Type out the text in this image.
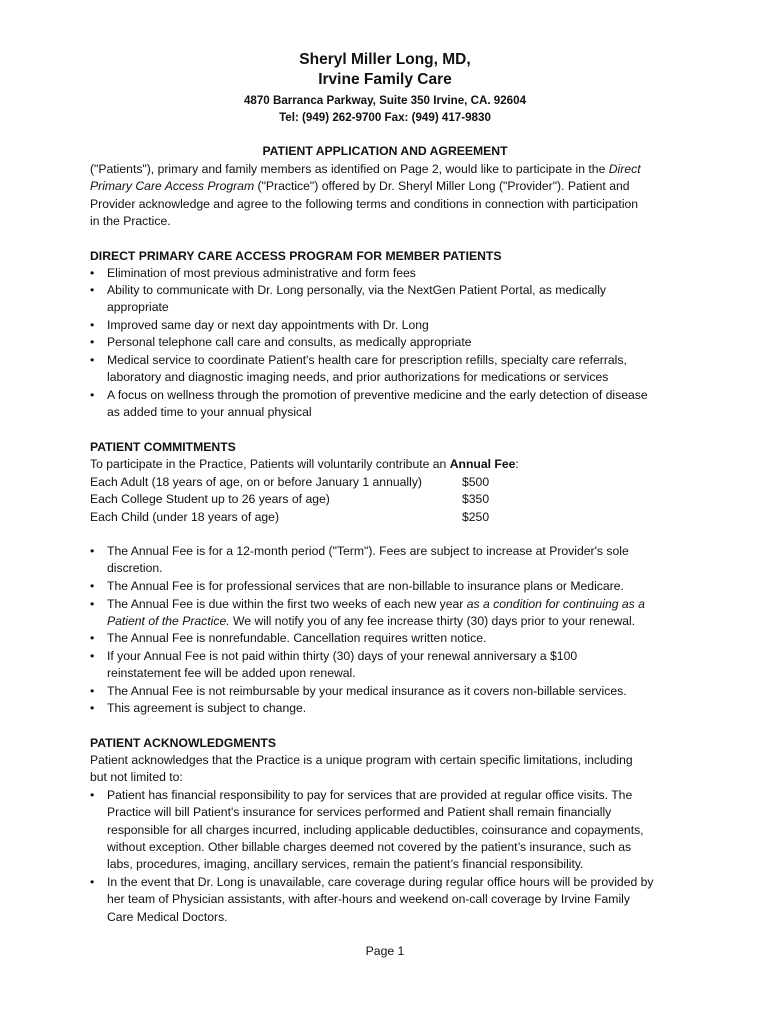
Sheryl Miller Long, MD,
Irvine Family Care
4870 Barranca Parkway, Suite 350 Irvine, CA. 92604
Tel: (949) 262-9700 Fax: (949) 417-9830
PATIENT APPLICATION AND AGREEMENT
("Patients"), primary and family members as identified on Page 2, would like to participate in the Direct
Primary Care Access Program ("Practice") offered by Dr. Sheryl Miller Long ("Provider"). Patient and
Provider acknowledge and agree to the following terms and conditions in connection with participation
in the Practice.
DIRECT PRIMARY CARE ACCESS PROGRAM FOR MEMBER PATIENTS
• Elimination of most previous administrative and form fees
• Ability to communicate with Dr. Long personally, via the NextGen Patient Portal, as medically
appropriate
• Improved same day or next day appointments with Dr. Long
• Personal telephone call care and consults, as medically appropriate
• Medical service to coordinate Patient's health care for prescription refills, specialty care referrals,
laboratory and diagnostic imaging needs, and prior authorizations for medications or services
• A focus on wellness through the promotion of preventive medicine and the early detection of disease
as added time to your annual physical
PATIENT COMMITMENTS
To participate in the Practice, Patients will voluntarily contribute an Annual Fee:
Each Adult (18 years of age, on or before January 1 annually)	$500
Each College Student up to 26 years of age)	$350
Each Child (under 18 years of age)	$250
• The Annual Fee is for a 12-month period ("Term"). Fees are subject to increase at Provider's sole
discretion.
• The Annual Fee is for professional services that are non-billable to insurance plans or Medicare.
• The Annual Fee is due within the first two weeks of each new year as a condition for continuing as a
Patient of the Practice. We will notify you of any fee increase thirty (30) days prior to your renewal.
• The Annual Fee is nonrefundable. Cancellation requires written notice.
• If your Annual Fee is not paid within thirty (30) days of your renewal anniversary a $100
reinstatement fee will be added upon renewal.
• The Annual Fee is not reimbursable by your medical insurance as it covers non-billable services.
• This agreement is subject to change.
PATIENT ACKNOWLEDGMENTS
Patient acknowledges that the Practice is a unique program with certain specific limitations, including
but not limited to:
• Patient has financial responsibility to pay for services that are provided at regular office visits. The
Practice will bill Patient's insurance for services performed and Patient shall remain financially
responsible for all charges incurred, including applicable deductibles, coinsurance and copayments,
without exception. Other billable charges deemed not covered by the patient’s insurance, such as
labs, procedures, imaging, ancillary services, remain the patient’s financial responsibility.
• In the event that Dr. Long is unavailable, care coverage during regular office hours will be provided by
her team of Physician assistants, with after-hours and weekend on-call coverage by Irvine Family
Care Medical Doctors.
Page 1
